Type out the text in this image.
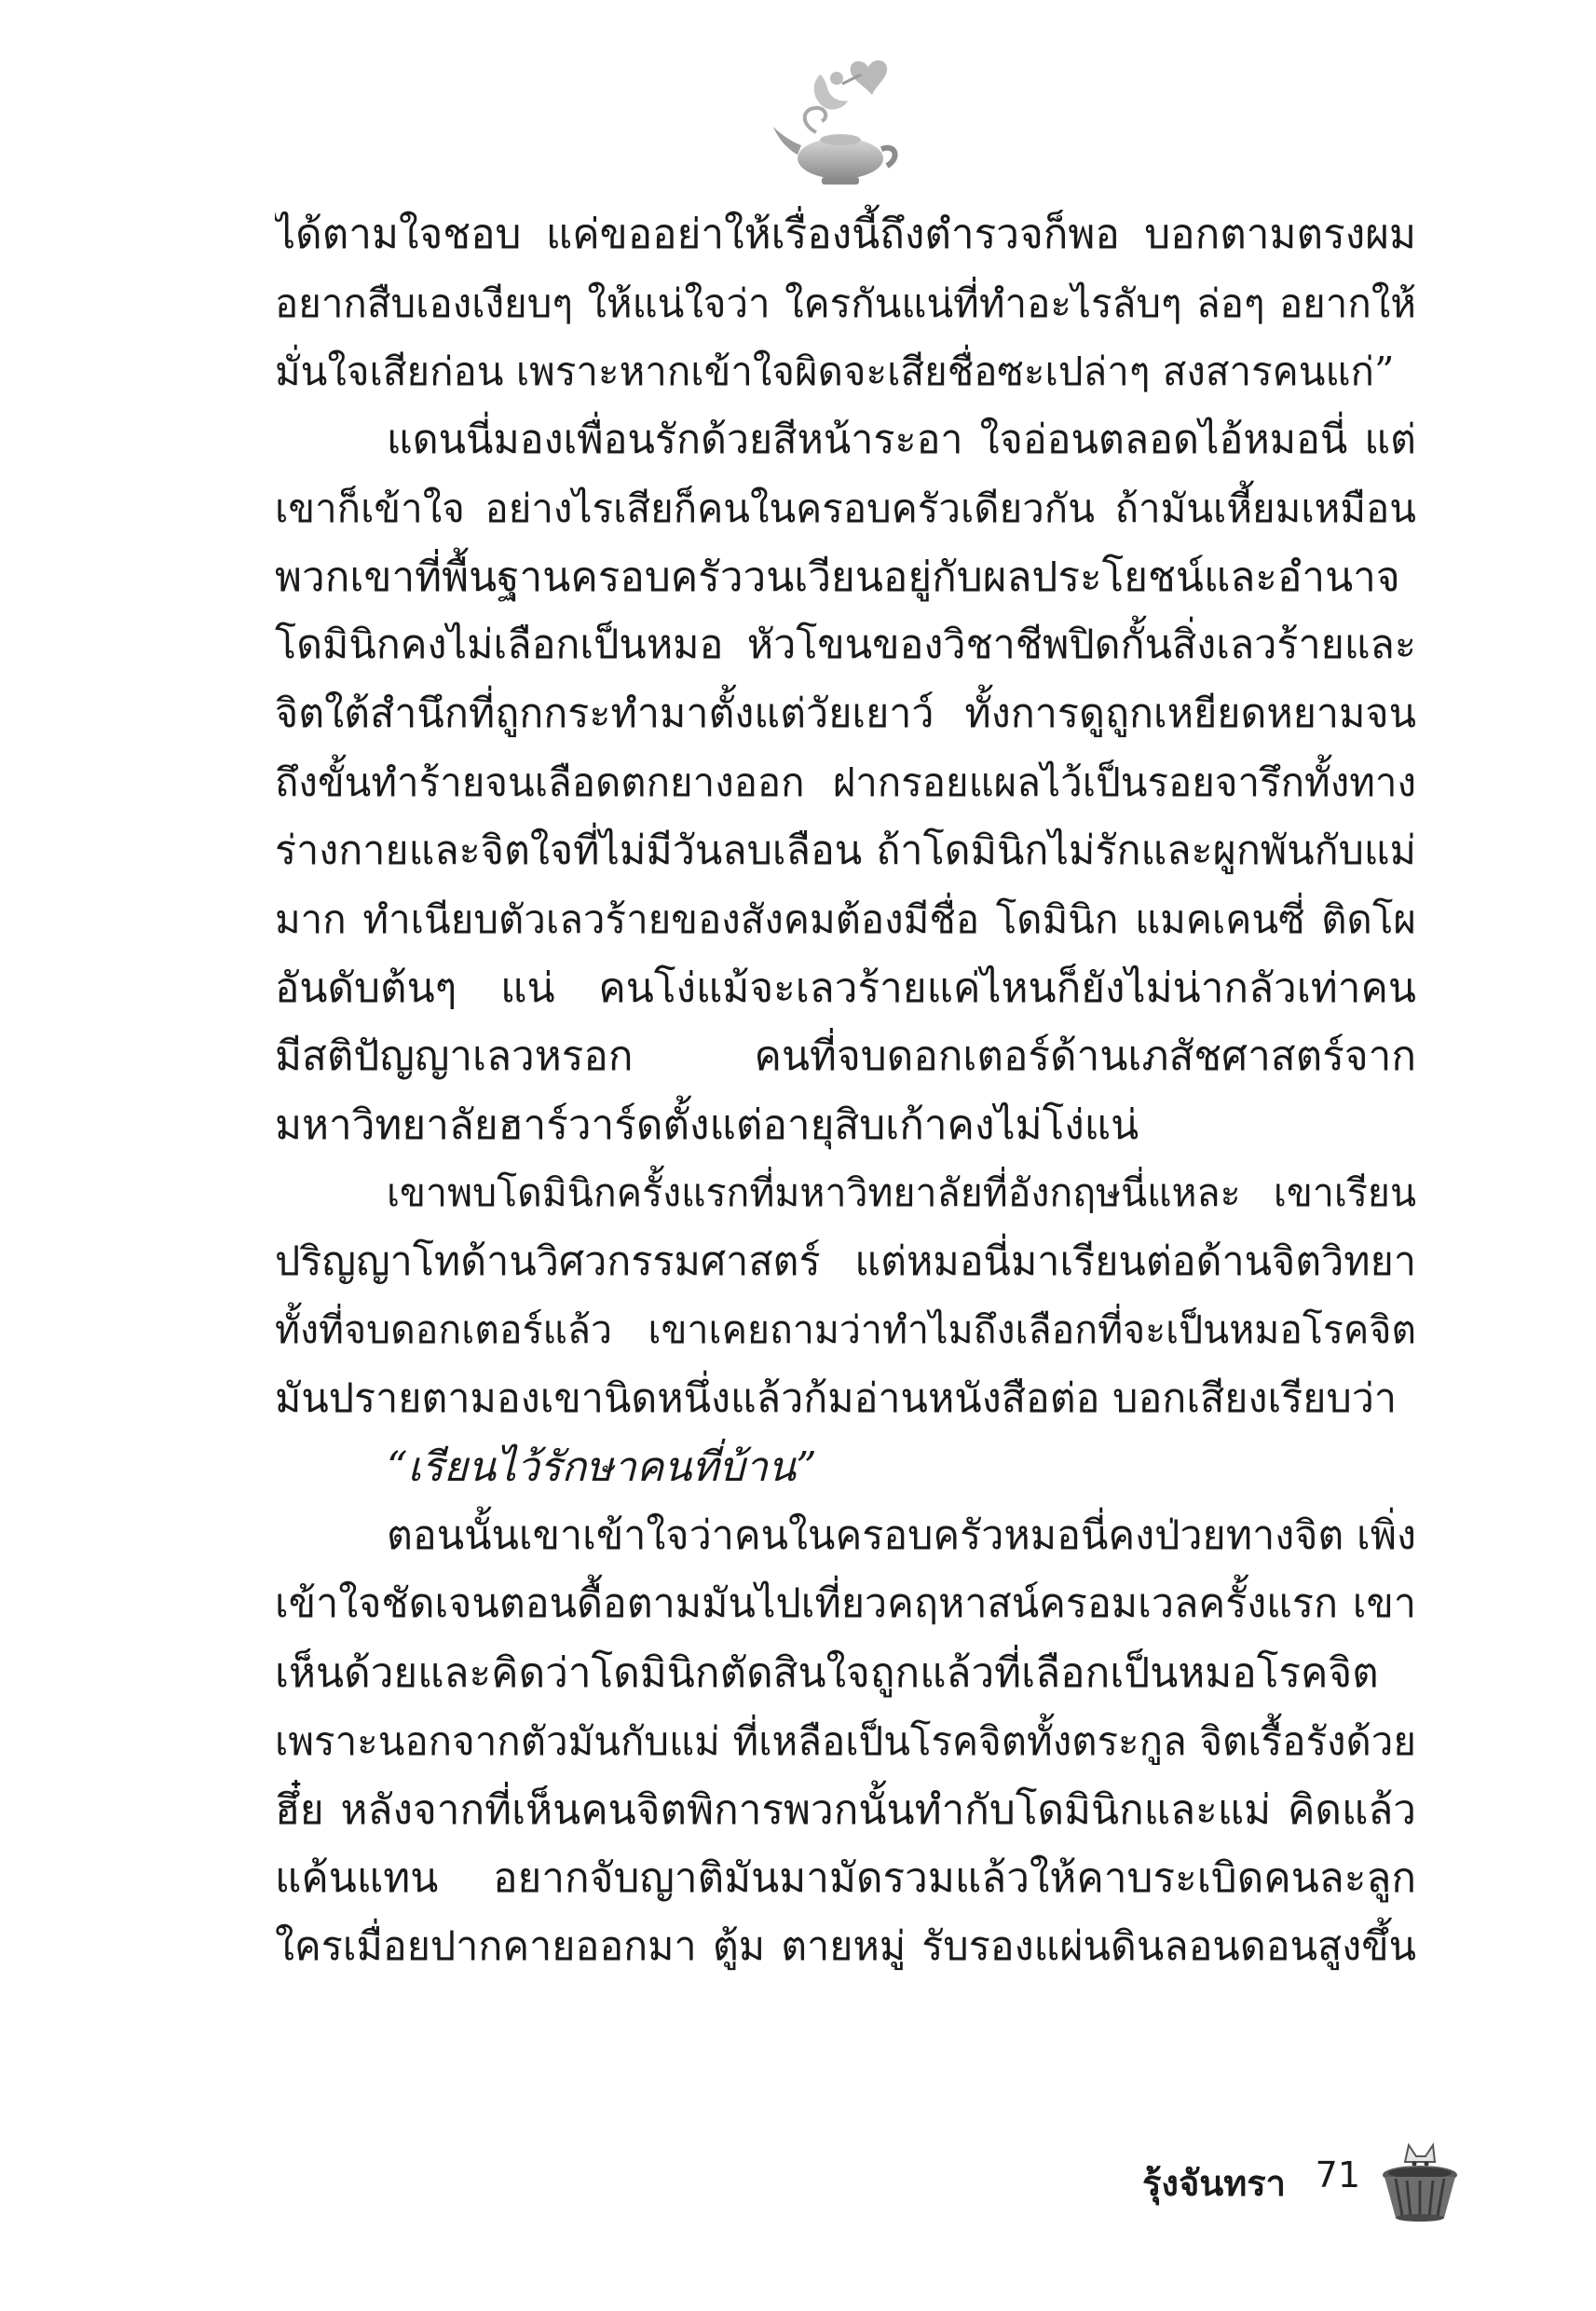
ได้ตามใจชอบ แค่ขออย่าให้เรื่องนี้ถึงตำรวจก็พอ บอกตามตรงผม
อยากสืบเองเงียบๆ ให้แน่ใจว่า ใครกันแน่ที่ทำอะไรลับๆ ล่อๆ อยากให้
มั่นใจเสียก่อน เพราะหากเข้าใจผิดจะเสียชื่อซะเปล่าๆ สงสารคนแก่”
แดนนี่มองเพื่อนรักด้วยสีหน้าระอา ใจอ่อนตลอดไอ้หมอนี่ แต่
เขาก็เข้าใจ อย่างไรเสียก็คนในครอบครัวเดียวกัน ถ้ามันเหี้ยมเหมือน
พวกเขาที่พื้นฐานครอบครัววนเวียนอยู่กับผลประโยชน์และอำนาจ
โดมินิกคงไม่เลือกเป็นหมอ หัวโขนของวิชาชีพปิดกั้นสิ่งเลวร้ายและ
จิตใต้สำนึกที่ถูกกระทำมาตั้งแต่วัยเยาว์ ทั้งการดูถูกเหยียดหยามจน
ถึงขั้นทำร้ายจนเลือดตกยางออก ฝากรอยแผลไว้เป็นรอยจารึกทั้งทาง
ร่างกายและจิตใจที่ไม่มีวันลบเลือน ถ้าโดมินิกไม่รักและผูกพันกับแม่
มาก ทำเนียบตัวเลวร้ายของสังคมต้องมีชื่อ โดมินิก แมคเคนซี่ ติดโผ
อันดับต้นๆ แน่ คนโง่แม้จะเลวร้ายแค่ไหนก็ยังไม่น่ากลัวเท่าคน
มีสติปัญญาเลวหรอก คนที่จบดอกเตอร์ด้านเภสัชศาสตร์จาก
มหาวิทยาลัยฮาร์วาร์ดตั้งแต่อายุสิบเก้าคงไม่โง่แน่
เขาพบโดมินิกครั้งแรกที่มหาวิทยาลัยที่อังกฤษนี่แหละ เขาเรียน
ปริญญาโทด้านวิศวกรรมศาสตร์ แต่หมอนี่มาเรียนต่อด้านจิตวิทยา
ทั้งที่จบดอกเตอร์แล้ว เขาเคยถามว่าทำไมถึงเลือกที่จะเป็นหมอโรคจิต
มันปรายตามองเขานิดหนึ่งแล้วก้มอ่านหนังสือต่อ บอกเสียงเรียบว่า
“เรียนไว้รักษาคนที่บ้าน”
ตอนนั้นเขาเข้าใจว่าคนในครอบครัวหมอนี่คงป่วยทางจิต เพิ่ง
เข้าใจชัดเจนตอนดื้อตามมันไปเที่ยวคฤหาสน์ครอมเวลครั้งแรก เขา
เห็นด้วยและคิดว่าโดมินิกตัดสินใจถูกแล้วที่เลือกเป็นหมอโรคจิต
เพราะนอกจากตัวมันกับแม่ ที่เหลือเป็นโรคจิตทั้งตระกูล จิตเรื้อรังด้วย
ฮึ๋ย หลังจากที่เห็นคนจิตพิการพวกนั้นทำกับโดมินิกและแม่ คิดแล้ว
แค้นแทน อยากจับญาติมันมามัดรวมแล้วให้คาบระเบิดคนละลูก
ใครเมื่อยปากคายออกมา ตู้ม ตายหมู่ รับรองแผ่นดินลอนดอนสูงขึ้น
รุ้งจันทรา 71
